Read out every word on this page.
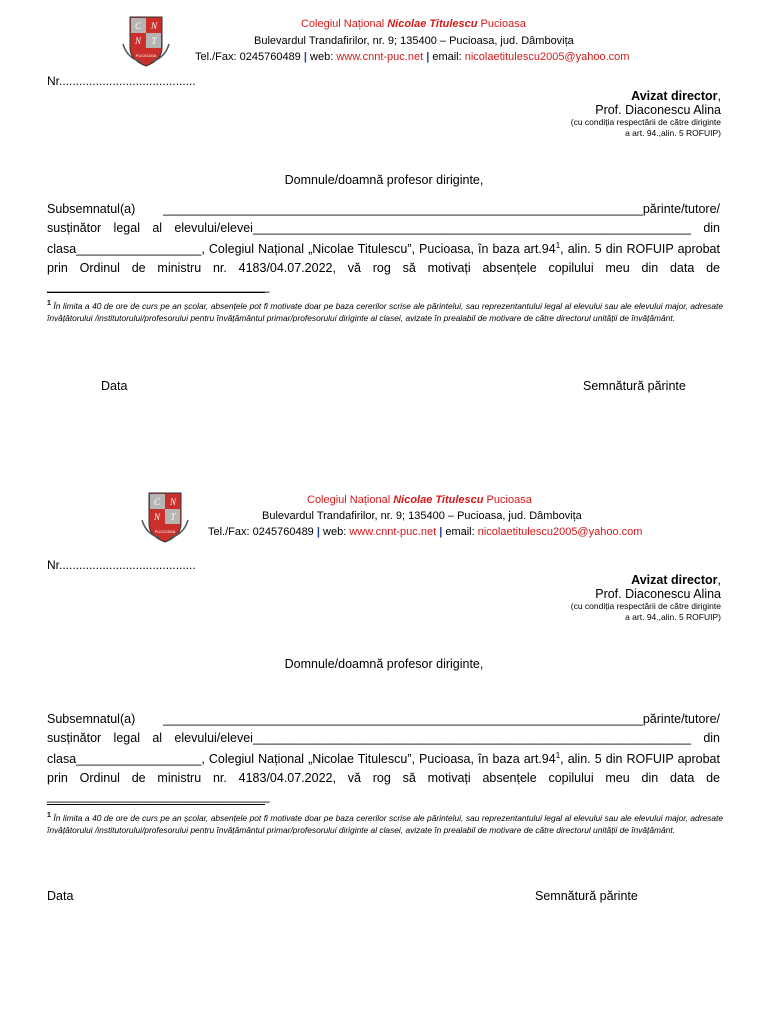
C N
N T
PUCIOASA
Colegiul Național Nicolae Titulescu Pucioasa
Bulevardul Trandafirilor, nr. 9; 135400 – Pucioasa, jud. Dâmbovița
Tel./Fax: 0245760489 | web: www.cnnt-puc.net | email: nicolaetitulescu2005@yahoo.com
Nr.........................................
Avizat director,
Prof. Diaconescu Alina
(cu condiția respectării de către diriginte
a art. 94.,alin. 5 ROFUIP)
Domnule/doamnă profesor diriginte,
Subsemnatul(a) _____________________________________________________________________părinte/tutore/
susținător legal al elevului/elevei_______________________________________________________________ din
clasa__________________, Colegiul Național „Nicolae Titulescu”, Pucioasa, în baza $art.94^1$, alin. 5 din ROFUIP aprobat
prin Ordinul de ministru nr. 4183/04.07.2022, vă rog să motivați absențele copilului meu din data de
________________________________
$^1$ În limita a 40 de ore de curs pe an școlar, absențele pot fi motivate doar pe baza cererilor scrise ale părintelui, sau reprezentantului legal al elevului sau ale elevului major, adresate învățătorului /institutorului/profesorului pentru învățământul primar/profesorului diriginte al clasei, avizate în prealabil de motivare de către directorul unității de învățământ.
Data	Semnătură părinte
C N
N T
PUCIOASA
Colegiul Național Nicolae Titulescu Pucioasa
Bulevardul Trandafirilor, nr. 9; 135400 – Pucioasa, jud. Dâmbovița
Tel./Fax: 0245760489 | web: www.cnnt-puc.net | email: nicolaetitulescu2005@yahoo.com
Nr.........................................
Avizat director,
Prof. Diaconescu Alina
(cu condiția respectării de către diriginte
a art. 94.,alin. 5 ROFUIP)
Domnule/doamnă profesor diriginte,
Subsemnatul(a) _____________________________________________________________________părinte/tutore/
susținător legal al elevului/elevei_______________________________________________________________ din
clasa__________________, Colegiul Național „Nicolae Titulescu”, Pucioasa, în baza $art.94^1$, alin. 5 din ROFUIP aprobat
prin Ordinul de ministru nr. 4183/04.07.2022, vă rog să motivați absențele copilului meu din data de
________________________________
$^1$ În limita a 40 de ore de curs pe an școlar, absențele pot fi motivate doar pe baza cererilor scrise ale părintelui, sau reprezentantului legal al elevului sau ale elevului major, adresate învățătorului /institutorului/profesorului pentru învățământul primar/profesorului diriginte al clasei, avizate în prealabil de motivare de către directorul unității de învățământ.
Data	Semnătură părinte
